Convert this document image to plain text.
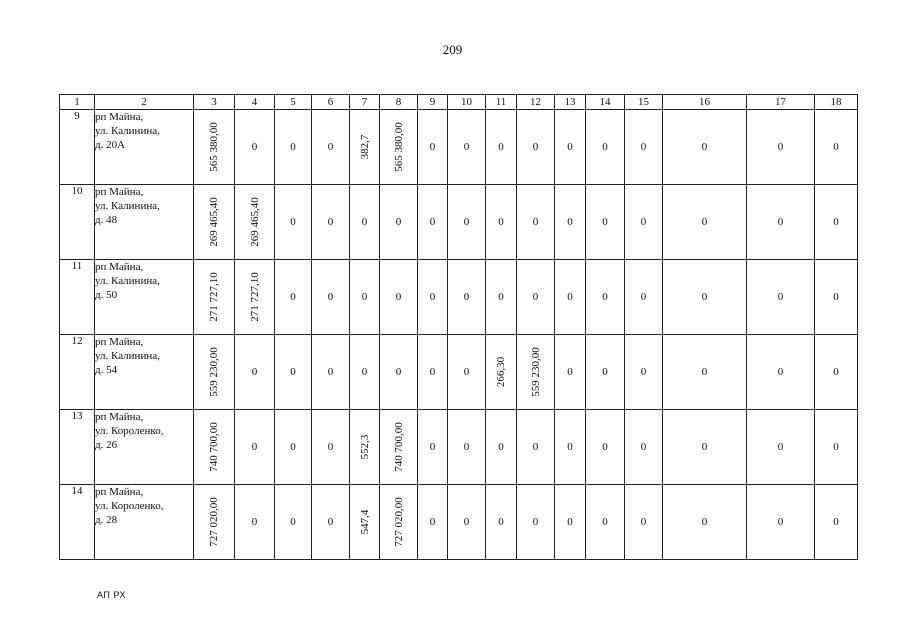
209
1	2	3	4	5	6	7	8	9	10	11	12	13	14	15	16	17	18
9	рп Майна,
ул. Калинина,
д. 20А	565 380,00	0	0	0	382,7	565 380,00	0	0	0	0	0	0	0	0	0	0
10	рп Майна,
ул. Калинина,
д. 48	269 465,40	269 465,40	0	0	0	0	0	0	0	0	0	0	0	0	0	0
11	рп Майна,
ул. Калинина,
д. 50	271 727,10	271 727,10	0	0	0	0	0	0	0	0	0	0	0	0	0	0
12	рп Майна,
ул. Калинина,
д. 54	559 230,00	0	0	0	0	0	0	0	266,30	559 230,00	0	0	0	0	0	0
13	рп Майна,
ул. Короленко,
д. 26	740 700,00	0	0	0	552,3	740 700,00	0	0	0	0	0	0	0	0	0	0
14	рп Майна,
ул. Короленко,
д. 28	727 020,00	0	0	0	547,4	727 020,00	0	0	0	0	0	0	0	0	0	0
АП РХ
